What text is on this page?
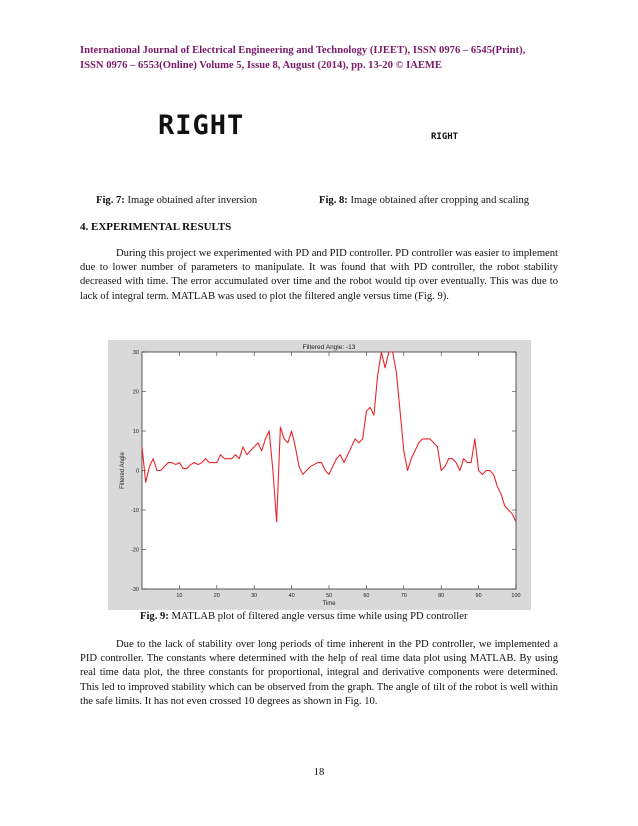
International Journal of Electrical Engineering and Technology (IJEET), ISSN 0976 – 6545(Print),
ISSN 0976 – 6553(Online) Volume 5, Issue 8, August (2014), pp. 13-20 © IAEME
RIGHT	RIGHT
Fig. 7: Image obtained after inversion	Fig. 8: Image obtained after cropping and scaling
4. EXPERIMENTAL RESULTS

During this project we experimented with PD and PID controller. PD controller was easier to implement due to lower number of parameters to manipulate. It was found that with PD controller, the robot stability decreased with time. The error accumulated over time and the robot would tip over eventually. This was due to lack of integral term. MATLAB was used to plot the filtered angle versus time (Fig. 9).

Filtered Angle: -13
30
20
10
0
-10
-20
-30
10	20	30	40	50	60	70	80	90	100
Time
Filtered Angle
Fig. 9: MATLAB plot of filtered angle versus time while using PD controller

Due to the lack of stability over long periods of time inherent in the PD controller, we implemented a PID controller. The constants where determined with the help of real time data plot using MATLAB. By using real time data plot, the three constants for proportional, integral and derivative components were determined. This led to improved stability which can be observed from the graph. The angle of tilt of the robot is well within the safe limits. It has not even crossed 10 degrees as shown in Fig. 10.

18
